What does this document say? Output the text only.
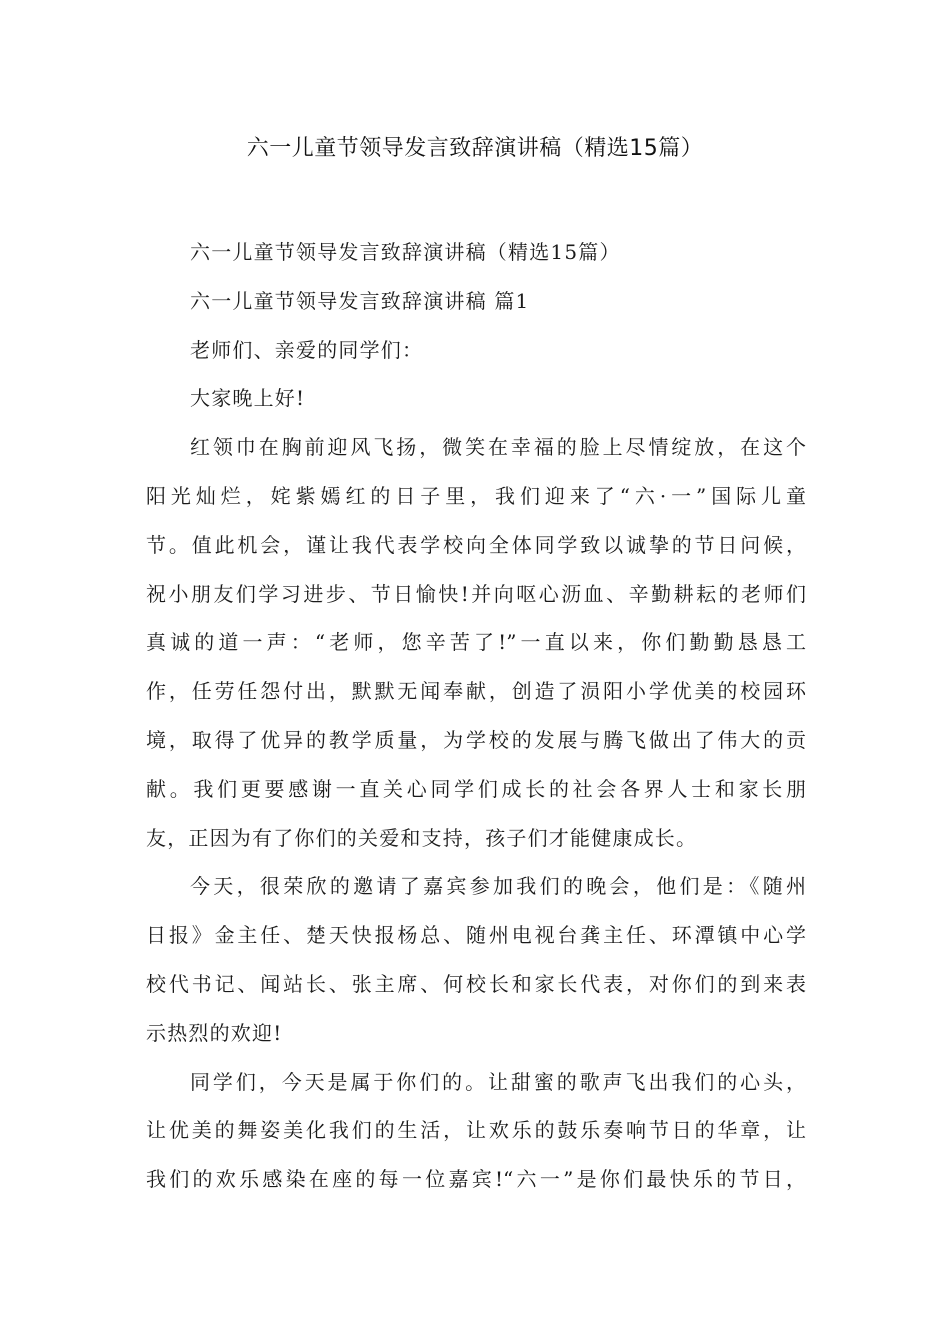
六一儿童节领导发言致辞演讲稿（精选15篇）
六一儿童节领导发言致辞演讲稿（精选15篇）
六一儿童节领导发言致辞演讲稿 篇1
老师们、亲爱的同学们：
大家晚上好!
红领巾在胸前迎风飞扬，微笑在幸福的脸上尽情绽放，在这个
阳光灿烂，姹紫嫣红的日子里，我们迎来了“六·一”国际儿童
节。值此机会，谨让我代表学校向全体同学致以诚挚的节日问候，
祝小朋友们学习进步、节日愉快!并向呕心沥血、辛勤耕耘的老师们
真诚的道一声：“老师，您辛苦了!”一直以来，你们勤勤恳恳工
作，任劳任怨付出，默默无闻奉献，创造了涢阳小学优美的校园环
境，取得了优异的教学质量，为学校的发展与腾飞做出了伟大的贡
献。我们更要感谢一直关心同学们成长的社会各界人士和家长朋
友，正因为有了你们的关爱和支持，孩子们才能健康成长。
今天，很荣欣的邀请了嘉宾参加我们的晚会，他们是：《随州
日报》金主任、楚天快报杨总、随州电视台龚主任、环潭镇中心学
校代书记、闻站长、张主席、何校长和家长代表，对你们的到来表
示热烈的欢迎!
同学们，今天是属于你们的。让甜蜜的歌声飞出我们的心头，
让优美的舞姿美化我们的生活，让欢乐的鼓乐奏响节日的华章，让
我们的欢乐感染在座的每一位嘉宾!“六一”是你们最快乐的节日，
